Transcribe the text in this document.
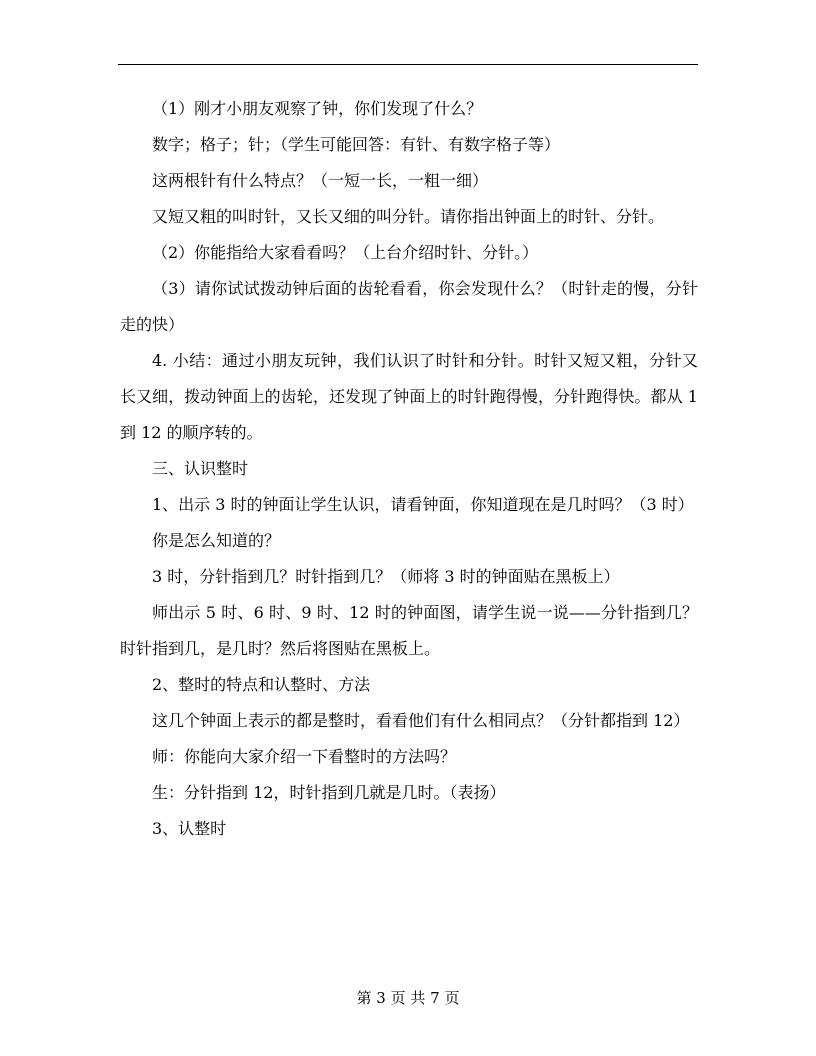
（1）刚才小朋友观察了钟，你们发现了什么？

数字；格子；针；（学生可能回答：有针、有数字格子等）

这两根针有什么特点？（一短一长，一粗一细）

又短又粗的叫时针，又长又细的叫分针。请你指出钟面上的时针、分针。

（2）你能指给大家看看吗？（上台介绍时针、分针。）

（3）请你试试拨动钟后面的齿轮看看，你会发现什么？（时针走的慢，分针走的快）

4. 小结：通过小朋友玩钟，我们认识了时针和分针。时针又短又粗，分针又长又细，拨动钟面上的齿轮，还发现了钟面上的时针跑得慢，分针跑得快。都从 1 到 12 的顺序转的。

三、认识整时

1、出示 3 时的钟面让学生认识，请看钟面，你知道现在是几时吗？（3 时）

你是怎么知道的？

3 时，分针指到几？时针指到几？（师将 3 时的钟面贴在黑板上）

师出示 5 时、6 时、9 时、12 时的钟面图，请学生说一说——分针指到几？时针指到几，是几时？然后将图贴在黑板上。

2、整时的特点和认整时、方法

这几个钟面上表示的都是整时，看看他们有什么相同点？（分针都指到 12）

师：你能向大家介绍一下看整时的方法吗？

生：分针指到 12，时针指到几就是几时。（表扬）

3、认整时

第 3 页 共 7 页
